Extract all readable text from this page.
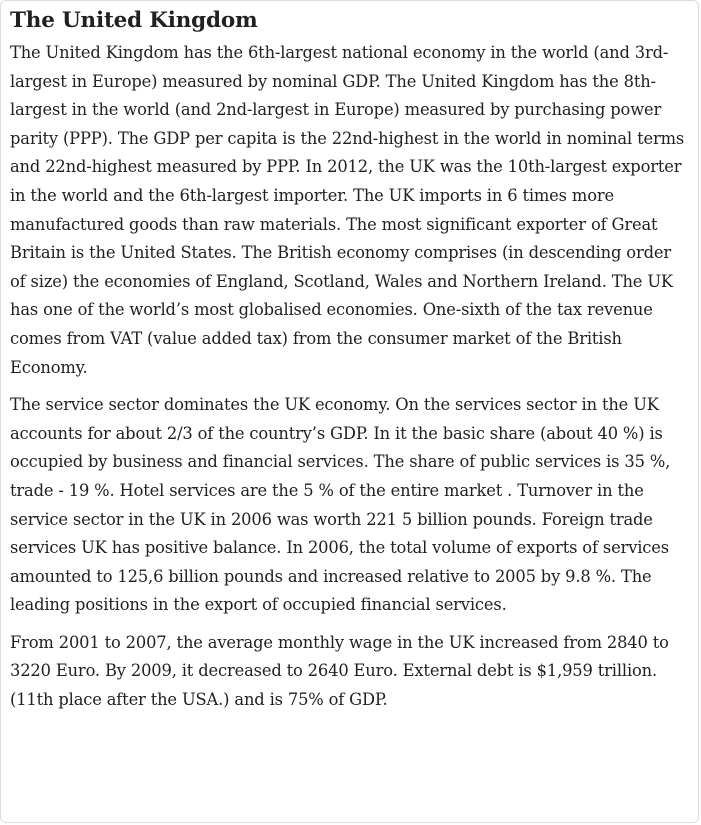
The United Kingdom

The United Kingdom has the 6th-largest national economy in the world (and 3rd-largest in Europe) measured by nominal GDP. The United Kingdom has the 8th-largest in the world (and 2nd-largest in Europe) measured by purchasing power parity (PPP). The GDP per capita is the 22nd-highest in the world in nominal terms and 22nd-highest measured by PPP. In 2012, the UK was the 10th-largest exporter in the world and the 6th-largest importer. The UK imports in 6 times more manufactured goods than raw materials. The most significant exporter of Great Britain is the United States. The British economy comprises (in descending order of size) the economies of England, Scotland, Wales and Northern Ireland. The UK has one of the world’s most globalised economies. One-sixth of the tax revenue comes from VAT (value added tax) from the consumer market of the British Economy.

The service sector dominates the UK economy. On the services sector in the UK accounts for about 2/3 of the country’s GDP. In it the basic share (about 40 %) is occupied by business and financial services. The share of public services is 35 %, trade - 19 %. Hotel services are the 5 % of the entire market . Turnover in the service sector in the UK in 2006 was worth 221 5 billion pounds. Foreign trade services UK has positive balance. In 2006, the total volume of exports of services amounted to 125,6 billion pounds and increased relative to 2005 by 9.8 %. The leading positions in the export of occupied financial services.

From 2001 to 2007, the average monthly wage in the UK increased from 2840 to 3220 Euro. By 2009, it decreased to 2640 Euro. External debt is $1,959 trillion. (11th place after the USA.) and is 75% of GDP.
